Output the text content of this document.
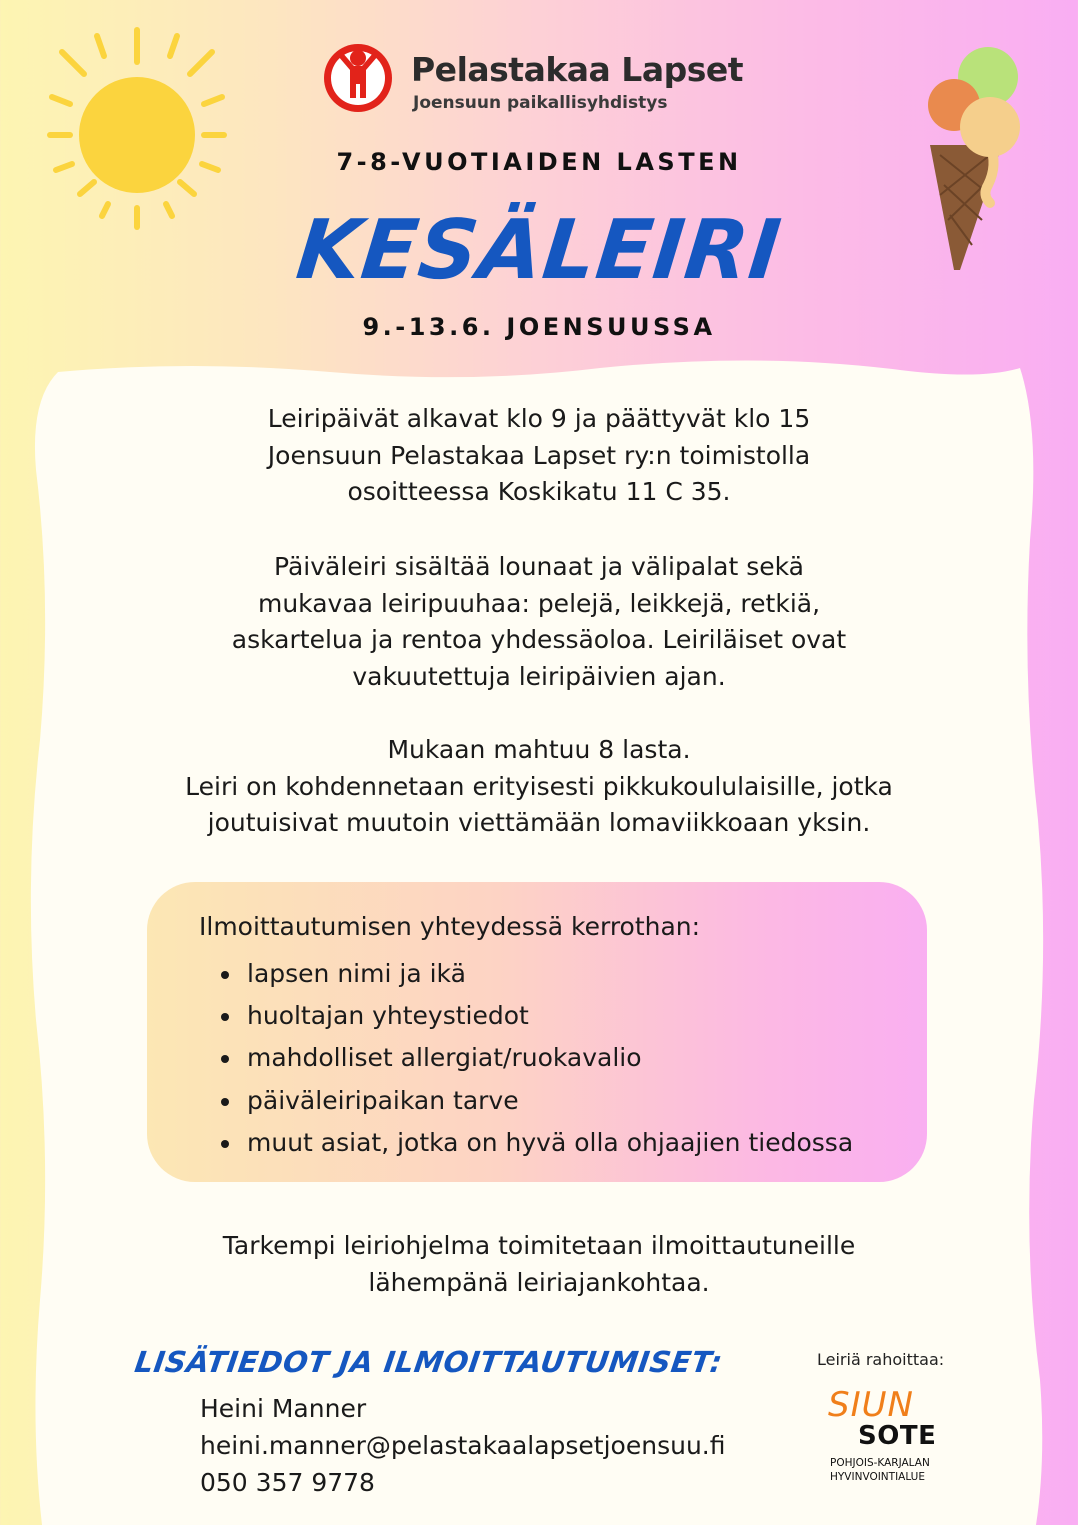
Pelastakaa Lapset
Joensuun paikallisyhdistys
7-8-VUOTIAIDEN LASTEN
KESÄLEIRI
9.-13.6. JOENSUUSSA

Leiripäivät alkavat klo 9 ja päättyvät klo 15

Joensuun Pelastakaa Lapset ry:n toimistolla

osoitteessa Koskikatu 11 C 35.

Päiväleiri sisältää lounaat ja välipalat sekä

mukavaa leiripuuhaa: pelejä, leikkejä, retkiä,

askartelua ja rentoa yhdessäoloa. Leiriläiset ovat

vakuutettuja leiripäivien ajan.

Mukaan mahtuu 8 lasta.

Leiri on kohdennetaan erityisesti pikkukoululaisille, jotka

joutuisivat muutoin viettämään lomaviikkoaan yksin.

Ilmoittautumisen yhteydessä kerrothan:
lapsen nimi ja ikä
huoltajan yhteystiedot
mahdolliset allergiat/ruokavalio
päiväleiripaikan tarve
muut asiat, jotka on hyvä olla ohjaajien tiedossa

Tarkempi leiriohjelma toimitetaan ilmoittautuneille

lähempänä leiriajankohtaa.

LISÄTIEDOT JA ILMOITTAUTUMISET:
Heini Manner
heini.manner@pelastakaalapsetjoensuu.fi
050 357 9778
Leiriä rahoittaa:
SIUN
SOTE
POHJOIS-KARJALAN
HYVINVOINTIALUE
